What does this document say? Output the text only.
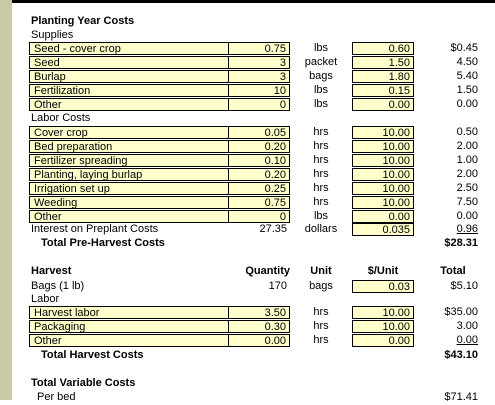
Planting Year Costs
Supplies
Seed - cover crop	0.75	lbs	0.60	$0.45
Seed	3	packet	1.50	4.50
Burlap	3	bags	1.80	5.40
Fertilization	10	lbs	0.15	1.50
Other	0	lbs	0.00	0.00
Labor Costs
Cover crop	0.05	hrs	10.00	0.50
Bed preparation	0.20	hrs	10.00	2.00
Fertilizer spreading	0.10	hrs	10.00	1.00
Planting, laying burlap	0.20	hrs	10.00	2.00
Irrigation set up	0.25	hrs	10.00	2.50
Weeding	0.75	hrs	10.00	7.50
Other	0	lbs	0.00	0.00
Interest on Preplant Costs	27.35	dollars	0.035	0.96
Total Pre-Harvest Costs	$28.31
Harvest	Quantity	Unit	$/Unit	Total
Bags (1 lb)	170	bags	0.03	$5.10
Labor
Harvest labor	3.50	hrs	10.00	$35.00
Packaging	0.30	hrs	10.00	3.00
Other	0.00	hrs	0.00	0.00
Total Harvest Costs	$43.10
Total Variable Costs
Per bed	$71.41
